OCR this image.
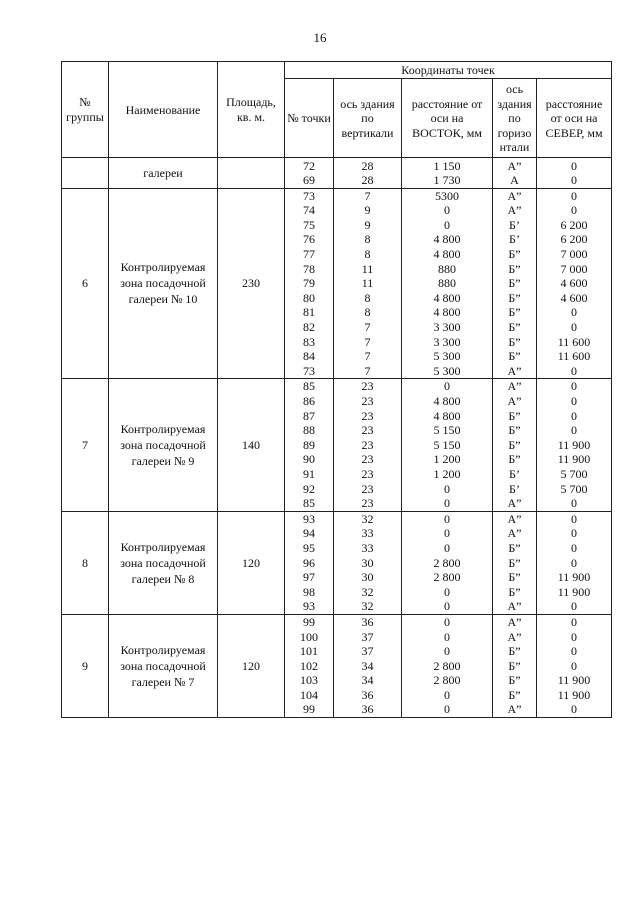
16
№ группы	Наименование	Площадь, кв. м.	Координаты точек				
			№ точки	ось здания по вертикали	расстояние от оси на ВОСТОК, мм	ось здания по горизо нтали	расстояние от оси на СЕВЕР, мм
	галереи		72	28	1 150	А”	0
			69	28	1 730	А	0
6	Контролируемая зона посадочной галереи № 10	230	73	7	5300	А”	0
			74	9	0	А”	0
			75	9	0	Б’	6 200
			76	8	4 800	Б’	6 200
			77	8	4 800	Б”	7 000
			78	11	880	Б”	7 000
			79	11	880	Б”	4 600
			80	8	4 800	Б”	4 600
			81	8	4 800	Б”	0
			82	7	3 300	Б”	0
			83	7	3 300	Б”	11 600
			84	7	5 300	Б”	11 600
			73	7	5 300	А”	0
7	Контролируемая зона посадочной галереи № 9	140	85	23	0	А”	0
			86	23	4 800	А”	0
			87	23	4 800	Б”	0
			88	23	5 150	Б”	0
			89	23	5 150	Б”	11 900
			90	23	1 200	Б”	11 900
			91	23	1 200	Б’	5 700
			92	23	0	Б’	5 700
			85	23	0	А”	0
8	Контролируемая зона посадочной галереи № 8	120	93	32	0	А”	0
			94	33	0	А”	0
			95	33	0	Б”	0
			96	30	2 800	Б”	0
			97	30	2 800	Б”	11 900
			98	32	0	Б”	11 900
			93	32	0	А”	0
9	Контролируемая зона посадочной галереи № 7	120	99	36	0	А”	0
			100	37	0	А”	0
			101	37	0	Б”	0
			102	34	2 800	Б”	0
			103	34	2 800	Б”	11 900
			104	36	0	Б”	11 900
			99	36	0	А”	0
